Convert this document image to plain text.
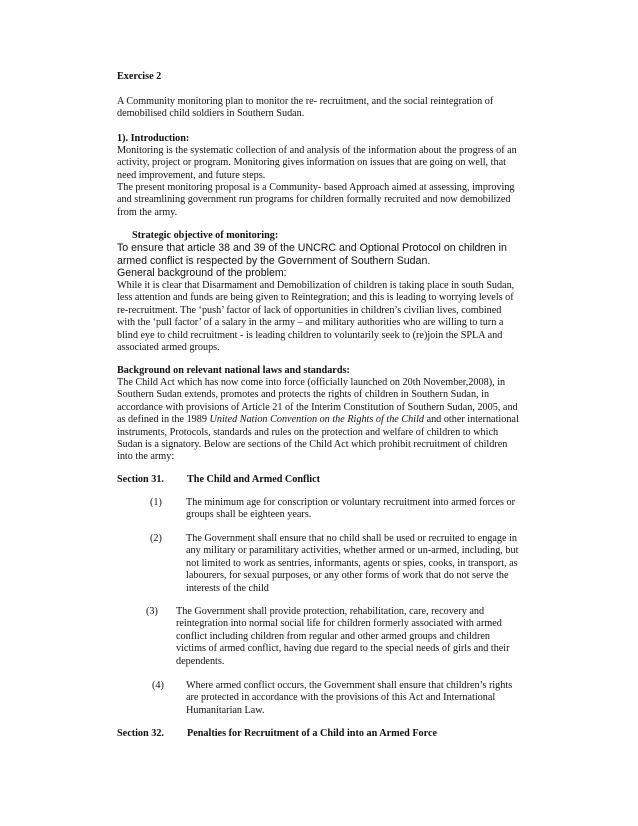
Exercise 2

A Community monitoring plan to monitor the re- recruitment, and the social reintegration of demobilised child soldiers in Southern Sudan.

1). Introduction:

Monitoring is the systematic collection of and analysis of the information about the progress of an activity, project or program. Monitoring gives information on issues that are going on well, that need improvement, and future steps.

The present monitoring proposal is a Community- based Approach aimed at assessing, improving and streamlining government run programs for children formally recruited and now demobilized from the army.

Strategic objective of monitoring:

To ensure that article 38 and 39 of the UNCRC and Optional Protocol on children in armed conflict is respected by the Government of Southern Sudan.

General background of the problem:

While it is clear that Disarmament and Demobilization of children is taking place in south Sudan, less attention and funds are being given to Reintegration; and this is leading to worrying levels of re-recruitment. The ‘push’ factor of lack of opportunities in children’s civilian lives, combined with the ‘pull factor’ of a salary in the army – and military authorities who are willing to turn a blind eye to child recruitment - is leading children to voluntarily seek to (re)join the SPLA and associated armed groups.

Background on relevant national laws and standards:

The Child Act which has now come into force (officially launched on 20th November,2008), in Southern Sudan extends, promotes and protects the rights of children in Southern Sudan, in accordance with provisions of Article 21 of the Interim Constitution of Southern Sudan, 2005, and as defined in the 1989 United Nation Convention on the Rights of the Child and other international instruments, Protocols, standards and rules on the protection and welfare of children to which Sudan is a signatory. Below are sections of the Child Act which prohibit recruitment of children into the army:

Section 31. The Child and Armed Conflict
(1) The minimum age for conscription or voluntary recruitment into armed forces or groups shall be eighteen years.
(2) The Government shall ensure that no child shall be used or recruited to engage in any military or paramilitary activities, whether armed or un-armed, including, but not limited to work as sentries, informants, agents or spies, cooks, in transport, as labourers, for sexual purposes, or any other forms of work that do not serve the interests of the child
(3) The Government shall provide protection, rehabilitation, care, recovery and reintegration into normal social life for children formerly associated with armed conflict including children from regular and other armed groups and children victims of armed conflict, having due regard to the special needs of girls and their dependents.
(4) Where armed conflict occurs, the Government shall ensure that children’s rights are protected in accordance with the provisions of this Act and International Humanitarian Law.
Section 32. Penalties for Recruitment of a Child into an Armed Force
